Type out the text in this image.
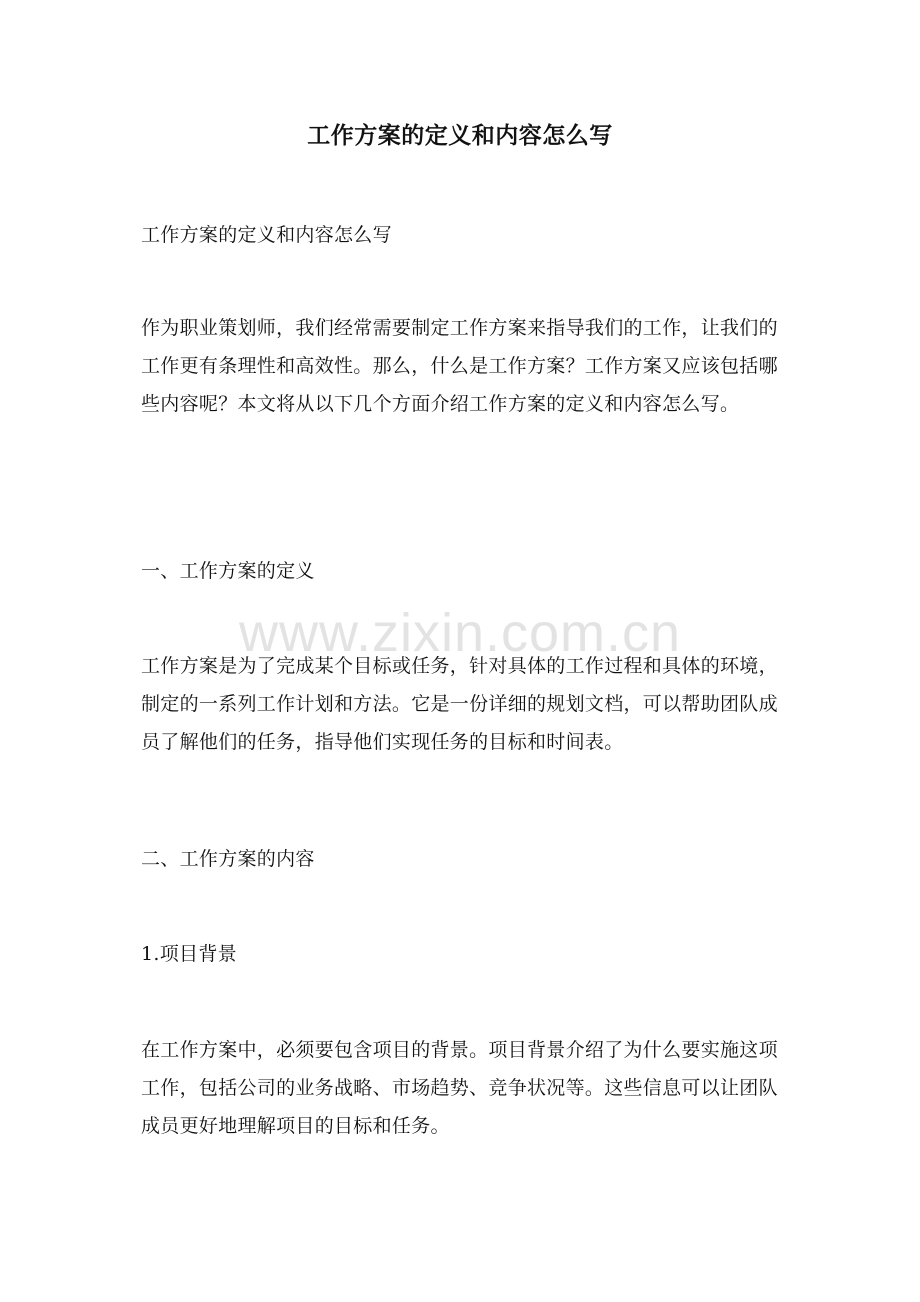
工作方案的定义和内容怎么写

工作方案的定义和内容怎么写

作为职业策划师，我们经常需要制定工作方案来指导我们的工作，让我们的工作更有条理性和高效性。那么，什么是工作方案？工作方案又应该包括哪些内容呢？本文将从以下几个方面介绍工作方案的定义和内容怎么写。

一、工作方案的定义

工作方案是为了完成某个目标或任务，针对具体的工作过程和具体的环境，制定的一系列工作计划和方法。它是一份详细的规划文档，可以帮助团队成员了解他们的任务，指导他们实现任务的目标和时间表。

二、工作方案的内容

1.项目背景

在工作方案中，必须要包含项目的背景。项目背景介绍了为什么要实施这项工作，包括公司的业务战略、市场趋势、竞争状况等。这些信息可以让团队成员更好地理解项目的目标和任务。

www.zixin.com.cn
